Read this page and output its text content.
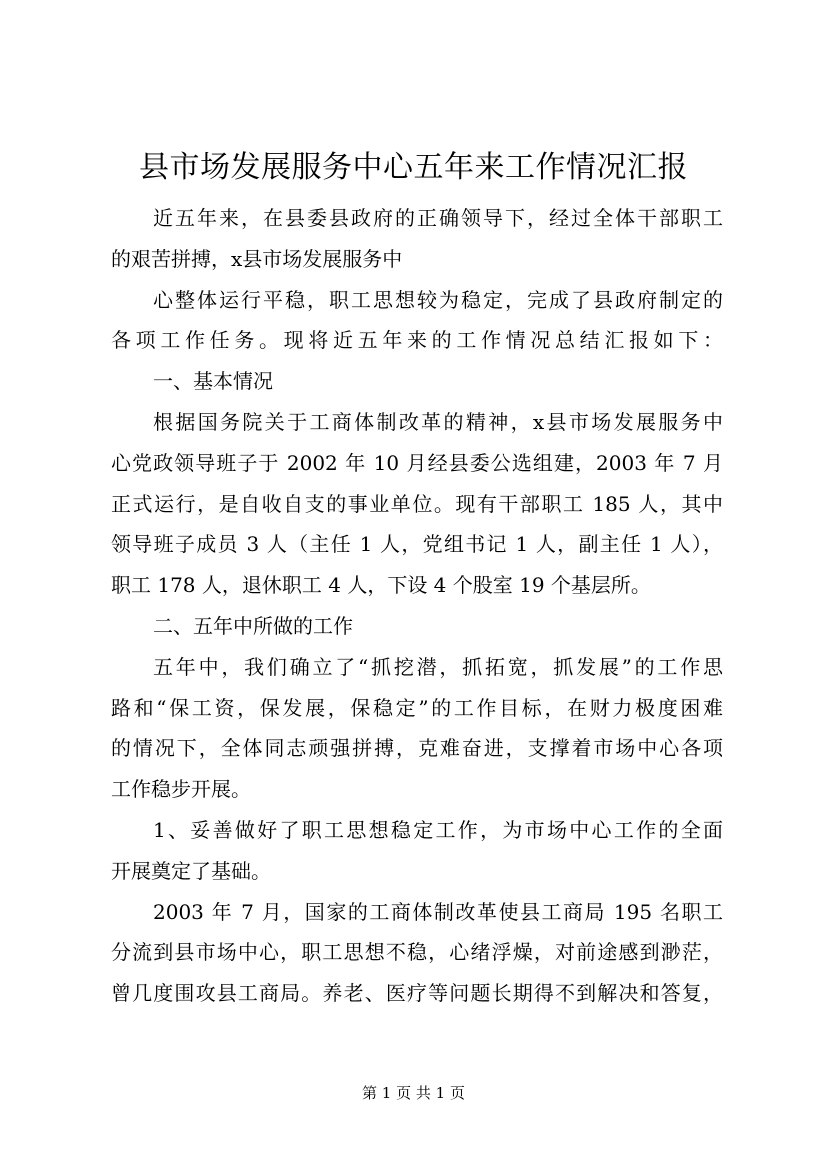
县市场发展服务中心五年来工作情况汇报

近五年来，在县委县政府的正确领导下，经过全体干部职工

的艰苦拼搏，x县市场发展服务中

心整体运行平稳，职工思想较为稳定，完成了县政府制定的

各项工作任务。现将近五年来的工作情况总结汇报如下：

一、基本情况

根据国务院关于工商体制改革的精神，x县市场发展服务中

心党政领导班子于 2002 年 10 月经县委公选组建，2003 年 7 月

正式运行，是自收自支的事业单位。现有干部职工 185 人，其中

领导班子成员 3 人（主任 1 人，党组书记 1 人，副主任 1 人），

职工 178 人，退休职工 4 人，下设 4 个股室 19 个基层所。

二、五年中所做的工作

五年中，我们确立了“抓挖潜，抓拓宽，抓发展”的工作思

路和“保工资，保发展，保稳定”的工作目标，在财力极度困难

的情况下，全体同志顽强拼搏，克难奋进，支撑着市场中心各项

工作稳步开展。

1、妥善做好了职工思想稳定工作，为市场中心工作的全面

开展奠定了基础。

2003 年 7 月，国家的工商体制改革使县工商局 195 名职工

分流到县市场中心，职工思想不稳，心绪浮燥，对前途感到渺茫，

曾几度围攻县工商局。养老、医疗等问题长期得不到解决和答复，

第 1 页 共 1 页
